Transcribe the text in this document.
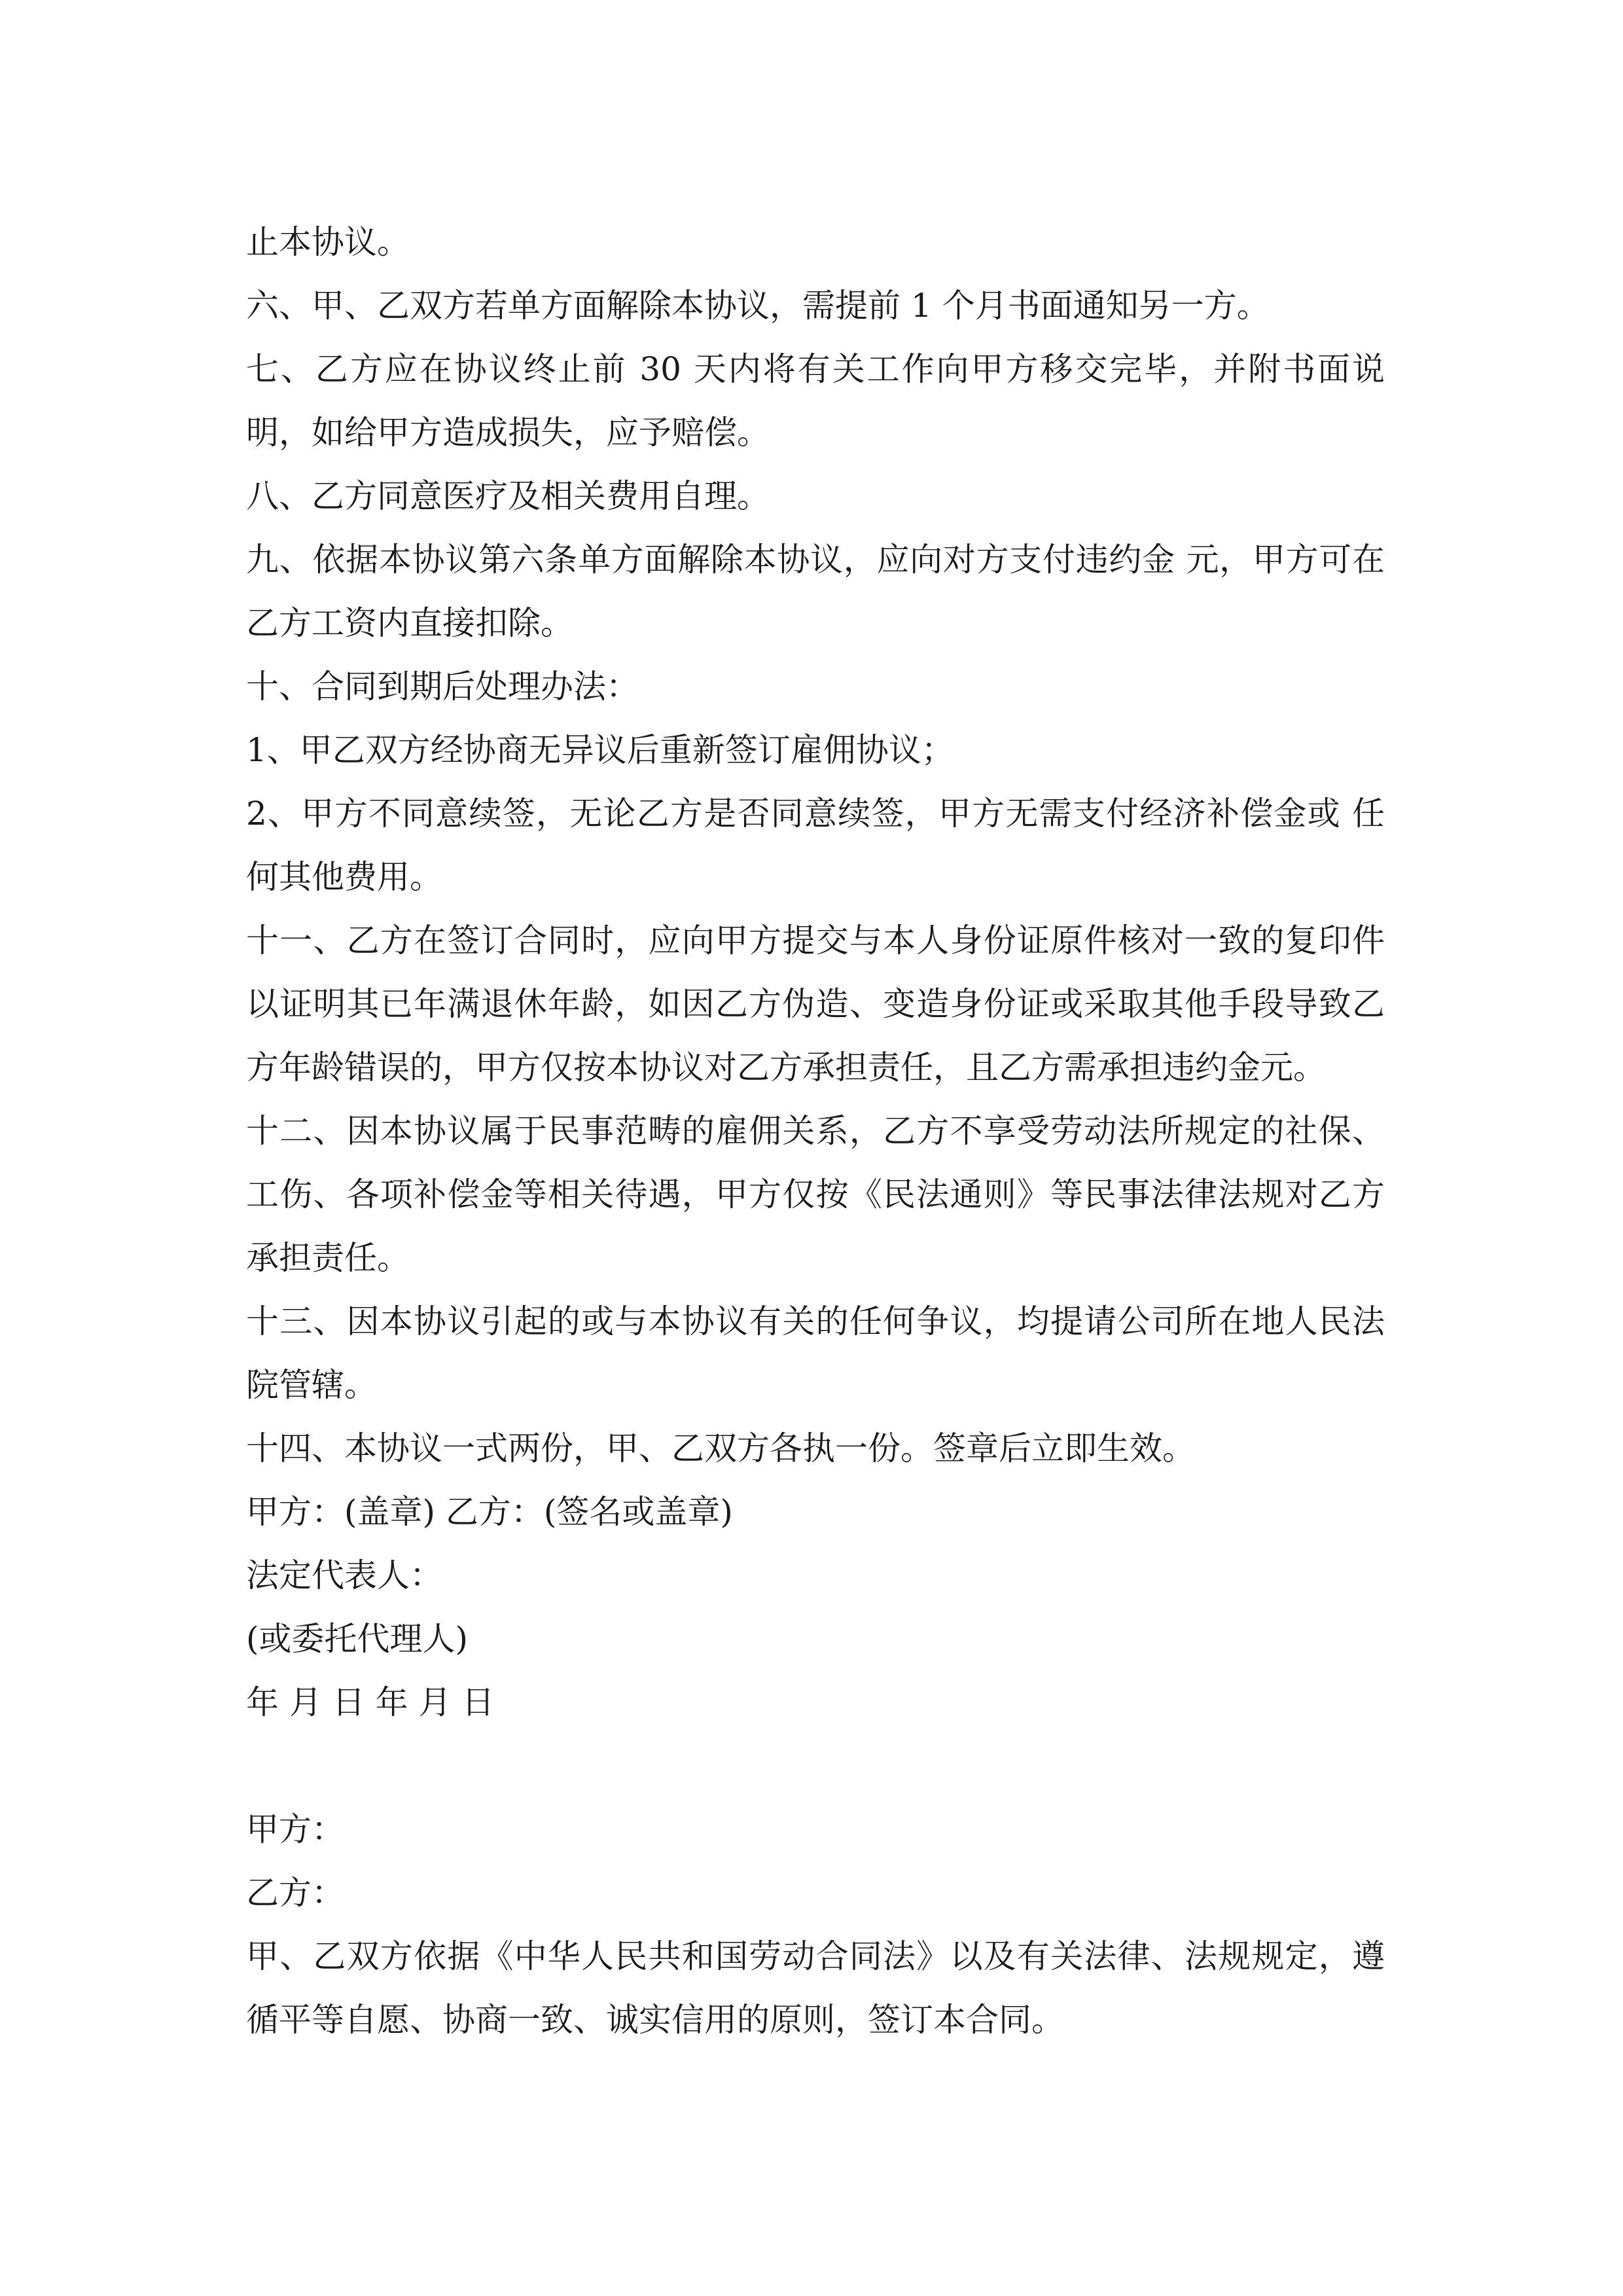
止本协议。

六、甲、乙双方若单方面解除本协议，需提前 1 个月书面通知另一方。

七、乙方应在协议终止前 30 天内将有关工作向甲方移交完毕，并附书面说明，如给甲方造成损失，应予赔偿。

八、乙方同意医疗及相关费用自理。

九、依据本协议第六条单方面解除本协议，应向对方支付违约金 元，甲方可在乙方工资内直接扣除。

十、合同到期后处理办法：

1、甲乙双方经协商无异议后重新签订雇佣协议；

2、甲方不同意续签，无论乙方是否同意续签，甲方无需支付经济补偿金或 任何其他费用。

十一、乙方在签订合同时，应向甲方提交与本人身份证原件核对一致的复印件以证明其已年满退休年龄，如因乙方伪造、变造身份证或采取其他手段导致乙方年龄错误的，甲方仅按本协议对乙方承担责任，且乙方需承担违约金元。

十二、因本协议属于民事范畴的雇佣关系，乙方不享受劳动法所规定的社保、工伤、各项补偿金等相关待遇，甲方仅按《民法通则》等民事法律法规对乙方承担责任。

十三、因本协议引起的或与本协议有关的任何争议，均提请公司所在地人民法院管辖。

十四、本协议一式两份，甲、乙双方各执一份。签章后立即生效。

甲方：(盖章) 乙方：(签名或盖章)

法定代表人：

(或委托代理人)

年 月 日 年 月 日

甲方：

乙方：

甲、乙双方依据《中华人民共和国劳动合同法》以及有关法律、法规规定，遵循平等自愿、协商一致、诚实信用的原则，签订本合同。
